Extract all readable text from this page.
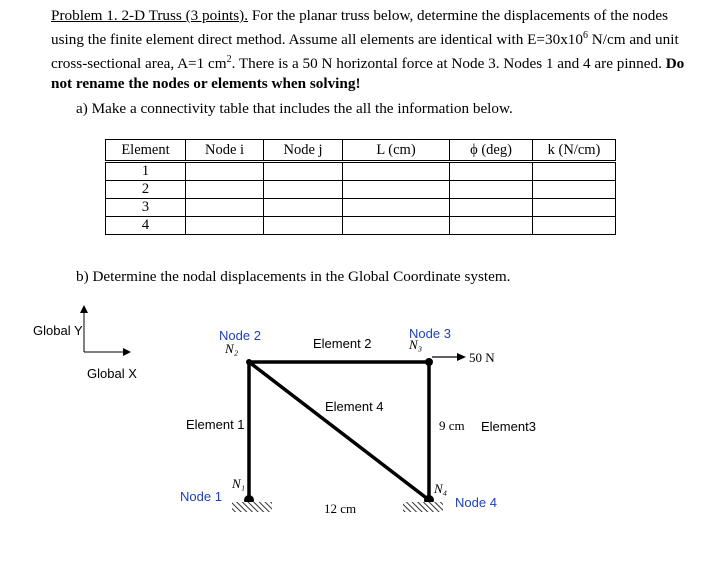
Problem 1. 2-D Truss (3 points). For the planar truss below, determine the displacements of the nodes using the finite element direct method. Assume all elements are identical with $E=30x10^6$ N/cm and unit cross-sectional area, A=1 $cm^2$. There is a 50 N horizontal force at Node 3. Nodes 1 and 4 are pinned. Do not rename the nodes or elements when solving!
a) Make a connectivity table that includes the all the information below.
Element	Node i	Node j	L (cm)	ϕ (deg)	k (N/cm)
1					
2					
3					
4					
b) Determine the nodal displacements in the Global Coordinate system.
Global Y
Global X
Node 2
N₂
Node 3
N₃
Element 2
50 N
Element 4
Element 1	9 cm Element3
N₁
Node 1
N₄
Node 4
12 cm
